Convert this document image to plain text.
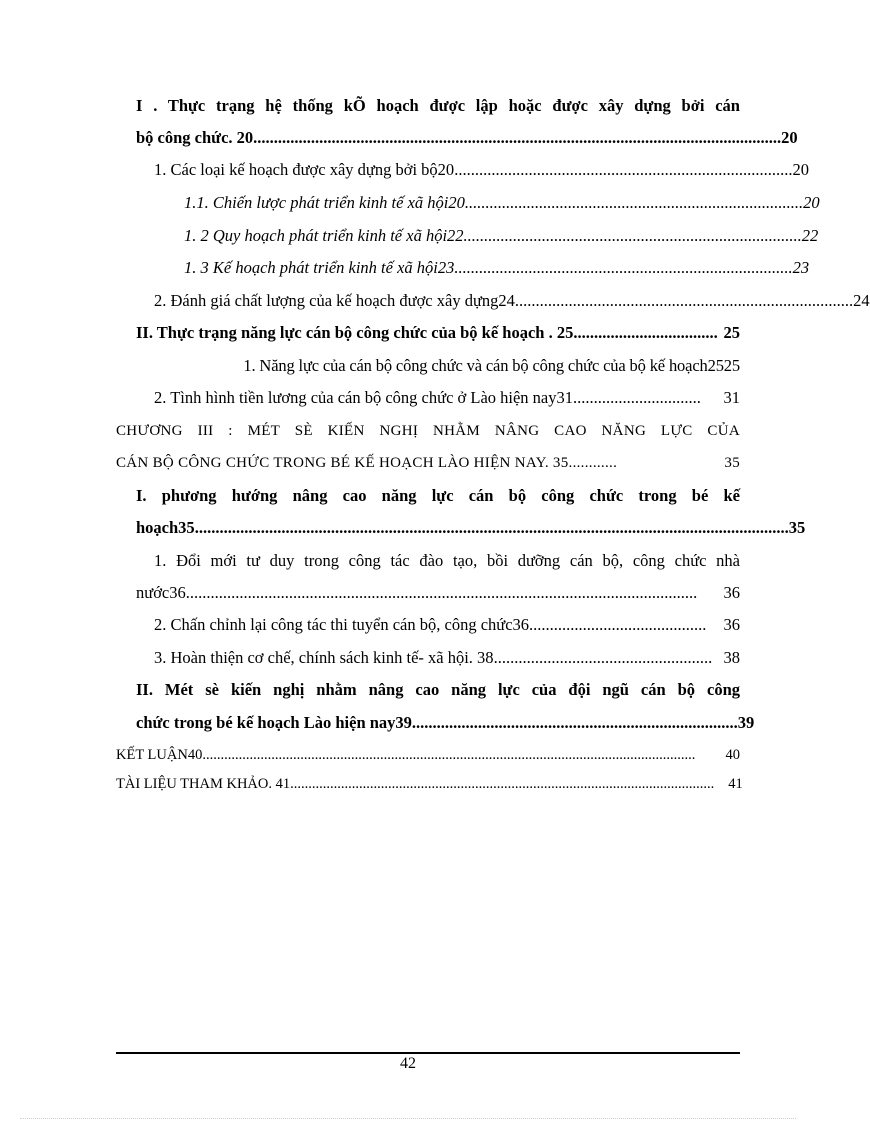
I . Thực trạng hệ thống kÕ hoạch được lập hoặc được xây dựng bởi cán
bộ công chức. 20 ................................................................................................................................ 20
1. Các loại kế hoạch được xây dựng bởi bộ20 .................................................................................. 20
1.1. Chiến lược phát triển kinh tế xã hội20 .................................................................................. 20
1. 2 Quy hoạch phát triển kinh tế xã hội22 .................................................................................. 22
1. 3 Kế hoạch phát triển kinh tế xã hội23 .................................................................................. 23
2. Đánh giá chất lượng của kế hoạch được xây dựng24 .................................................................................. 24
II. Thực trạng năng lực cán bộ công chức của bộ kế hoạch . 25 ................................... 25
1. Năng lực của cán bộ công chức và cán bộ công chức của bộ kế hoạch2525
2. Tình hình tiền lương của cán bộ công chức ở Lào hiện nay31 ...............................	31
CHƯƠNG III : MÉT SÈ KIẾN NGHỊ NHẰM NÂNG CAO NĂNG LỰC CỦA
CÁN BỘ CÔNG CHỨC TRONG BÉ KẾ HOẠCH LÀO HIỆN NAY. 35 ............	35
I. phương hướng nâng cao năng lực cán bộ công chức trong bé kế
hoạch35 ................................................................................................................................................ 35
1. Đổi mới tư duy trong công tác đào tạo, bồi dưỡng cán bộ, công chức nhà
nước36 ............................................................................................................................	36
2. Chấn chỉnh lại công tác thi tuyển cán bộ, công chức36 ...........................................	36
3. Hoàn thiện cơ chế, chính sách kinh tế- xã hội. 38 ..................................................... 38
II. Mét sè kiến nghị nhằm nâng cao năng lực của đội ngũ cán bộ công
chức trong bé kế hoạch Lào hiện nay39 ............................................................................... 39
KẾT LUẬN40 ........................................................................................................................................	40
TÀI LIỆU THAM KHẢO. 41 ..................................................................................................................... 41
42
